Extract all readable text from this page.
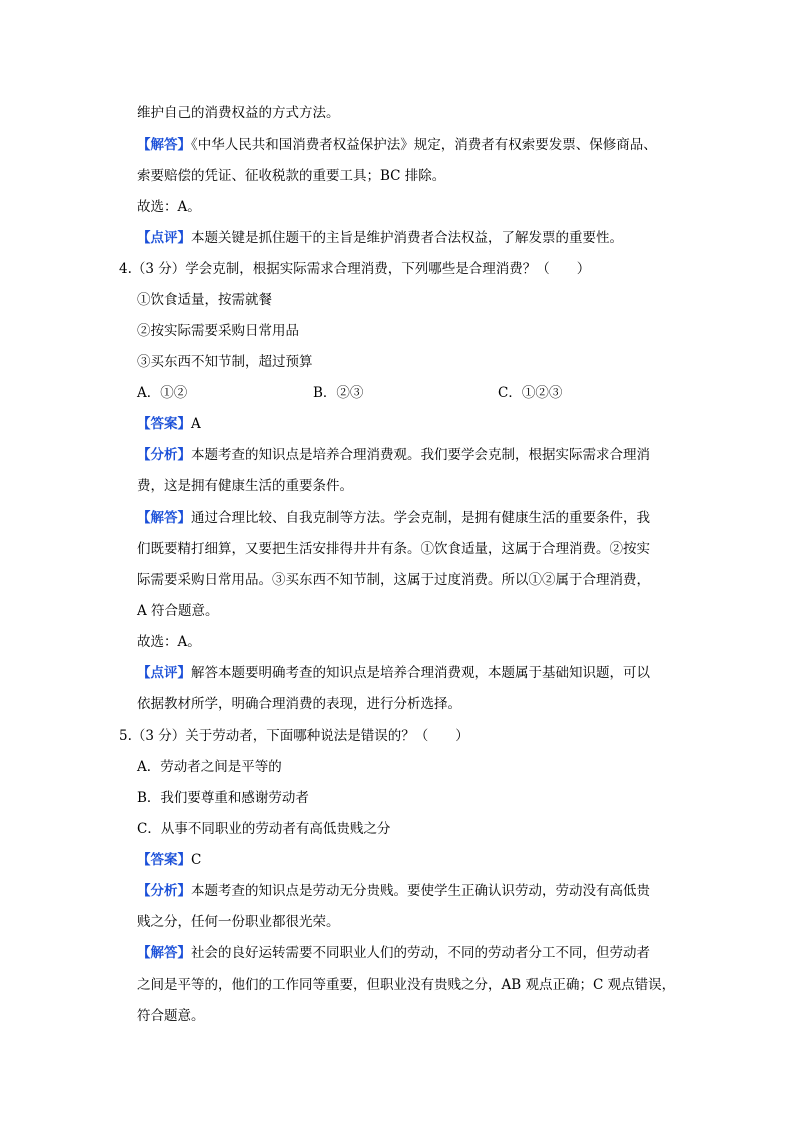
维护自己的消费权益的方式方法。
【解答】《中华人民共和国消费者权益保护法》规定，消费者有权索要发票、保修商品、
索要赔偿的凭证、征收税款的重要工具；BC 排除。
故选：A。
【点评】本题关键是抓住题干的主旨是维护消费者合法权益，了解发票的重要性。
4.（3 分）学会克制，根据实际需求合理消费，下列哪些是合理消费？（　　）
①饮食适量，按需就餐
②按实际需要采购日常用品
③买东西不知节制，超过预算
A．①②	B．②③	C．①②③
【答案】A
【分析】本题考查的知识点是培养合理消费观。我们要学会克制，根据实际需求合理消
费，这是拥有健康生活的重要条件。
【解答】通过合理比较、自我克制等方法。学会克制，是拥有健康生活的重要条件，我
们既要精打细算，又要把生活安排得井井有条。①饮食适量，这属于合理消费。②按实
际需要采购日常用品。③买东西不知节制，这属于过度消费。所以①②属于合理消费，
A 符合题意。
故选：A。
【点评】解答本题要明确考查的知识点是培养合理消费观，本题属于基础知识题，可以
依据教材所学，明确合理消费的表现，进行分析选择。
5.（3 分）关于劳动者，下面哪种说法是错误的？（　　）
A．劳动者之间是平等的
B．我们要尊重和感谢劳动者
C．从事不同职业的劳动者有高低贵贱之分
【答案】C
【分析】本题考查的知识点是劳动无分贵贱。要使学生正确认识劳动，劳动没有高低贵
贱之分，任何一份职业都很光荣。
【解答】社会的良好运转需要不同职业人们的劳动，不同的劳动者分工不同，但劳动者
之间是平等的，他们的工作同等重要，但职业没有贵贱之分，AB 观点正确；C 观点错误，
符合题意。
